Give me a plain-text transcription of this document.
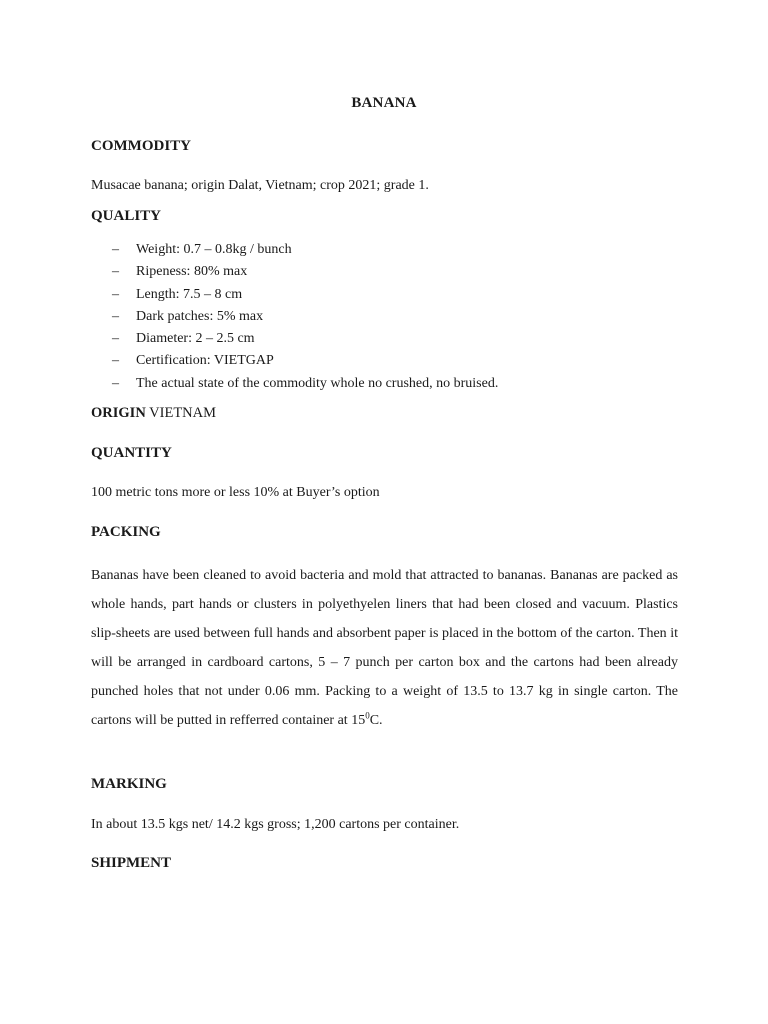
BANANA
COMMODITY
Musacae banana; origin Dalat, Vietnam; crop 2021; grade 1.
QUALITY
– Weight: 0.7 – 0.8kg / bunch
– Ripeness: 80% max
– Length: 7.5 – 8 cm
– Dark patches: 5% max
– Diameter: 2 – 2.5 cm
– Certification: VIETGAP
– The actual state of the commodity whole no crushed, no bruised.
ORIGIN VIETNAM
QUANTITY
100 metric tons more or less 10% at Buyer’s option
PACKING

Bananas have been cleaned to avoid bacteria and mold that attracted to bananas. Bananas are packed as whole hands, part hands or clusters in polyethyelen liners that had been closed and vacuum. Plastics slip-sheets are used between full hands and absorbent paper is placed in the bottom of the carton. Then it will be arranged in cardboard cartons, 5 – 7 punch per carton box and the cartons had been already punched holes that not under 0.06 mm. Packing to a weight of 13.5 to 13.7 kg in single carton. The cartons will be putted in refferred container at $15^0C$.

MARKING
In about 13.5 kgs net/ 14.2 kgs gross; 1,200 cartons per container.
SHIPMENT
